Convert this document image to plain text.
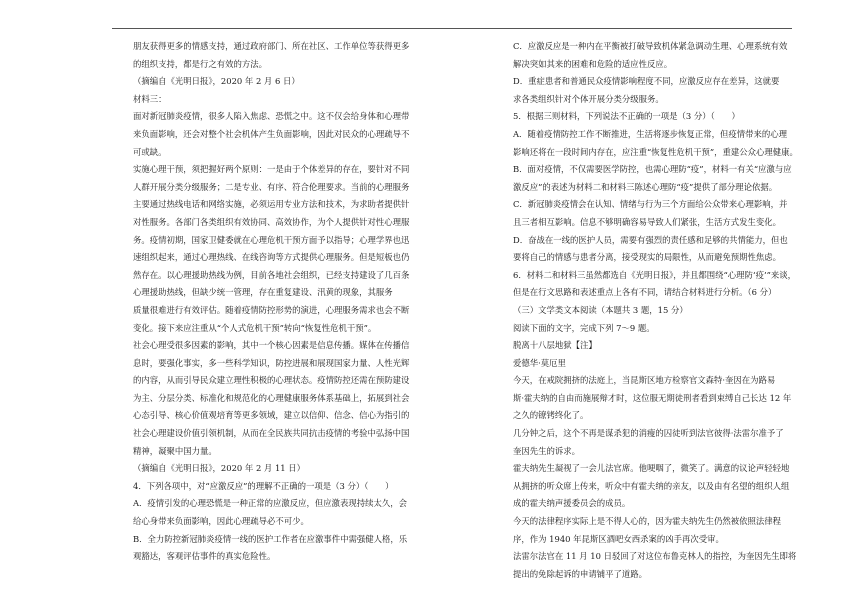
朋友获得更多的情感支持，通过政府部门、所在社区、工作单位等获得更多

的组织支持，都是行之有效的方法。

（摘编自《光明日报》，2020 年 2 月 6 日）

材料三：

面对新冠肺炎疫情，很多人陷入焦虑、恐慌之中。这不仅会给身体和心理带

来负面影响，还会对整个社会机体产生负面影响，因此对民众的心理疏导不

可或缺。

实施心理干预，须把握好两个原则：一是由于个体差异的存在，要针对不同

人群开展分类分级服务；二是专业、有序、符合伦理要求。当前的心理服务

主要通过热线电话和网络实施，必须运用专业方法和技术，为求助者提供针

对性服务。各部门各类组织有效协同、高效协作，为个人提供针对性心理服

务。疫情初期，国家卫健委就在心理危机干预方面予以指导；心理学界也迅

速组织起来，通过心理热线、在线咨询等方式提供心理服务。但是短板也仍

然存在。以心理援助热线为例，目前各地社会组织，已经支持建设了几百条

心理援助热线，但缺少统一管理，存在重复建设、汛黄的现象，其服务

质量很难进行有效评估。随着疫情防控形势的演进，心理服务需求也会不断

变化。接下来应注重从“个人式危机干预”转向“恢复性危机干预”。

社会心理受很多因素的影响，其中一个核心因素是信息传播。媒体在传播信

息时，要强化事实，多一些科学知识，防控进展和展现国家力量、人性光辉

的内容，从而引导民众建立理性积极的心理状态。疫情防控还需在预防建设

为主、分层分类、标准化和规范化的心理健康服务体系基础上，拓展到社会

心态引导、核心价值观培育等更多领域，建立以信仰、信念、信心为指引的

社会心理建设价值引领机制，从而在全民族共同抗击疫情的考验中弘扬中国

精神，凝聚中国力量。

（摘编自《光明日报》，2020 年 2 月 11 日）

4．下列各项中，对“应激反应”的理解不正确的一项是（3 分）（　　）

A．疫情引发的心理恐慌是一种正常的应激反应，但应激表现持续太久，会

给心身带来负面影响，因此心理疏导必不可少。

B．全力防控新冠肺炎疫情一线的医护工作者在应激事件中需强健人格，乐

观豁达，客观评估事件的真实危险性。

C．应激反应是一种内在平衡被打破导致机体紧急调动生理、心理系统有效

解决突如其来的困难和危险的适应性反应。

D．重症患者和普通民众疫情影响程度不同，应激反应存在差异，这就要

求各类组织针对个体开展分类分级服务。

5．根据三则材料，下列说法不正确的一项是（3 分）（　　）

A．随着疫情防控工作不断推进，生活将逐步恢复正常，但疫情带来的心理

影响还将在一段时间内存在，应注重“恢复性危机干预”，重建公众心理健康。

B．面对疫情，不仅需要医学防控，也需心理防“疫”，材料一有关“应激与应

激反应”的表述为材料二和材料三陈述心理防“疫”提供了部分理论依据。

C．新冠肺炎疫情会在认知、情绪与行为三个方面给公众带来心理影响，并

且三者相互影响。信息不够明确容易导致人们紧张，生活方式发生变化。

D．奋战在一线的医护人员，需要有强烈的责任感和足够的共情能力，但也

要将自己的情感与患者分离，接受现实的局限性，从而避免预期性焦虑。

6．材料二和材料三虽然都选自《光明日报》，并且都围绕“心理防‘疫’”来谈，

但是在行文思路和表述重点上各有不同，请结合材料进行分析。（6 分）

（三）文学类文本阅读（本题共 3 题，15 分）

阅读下面的文字，完成下列 7～9 题。

脱离十八层地狱【注】

爱德华·莫厄里

今天，在戒院拥挤的法庭上，当昆斯区地方检察官文森特·奎因在为路易

斯·霍夫纳的自由而施展辩才时，这位服无期徒刑者看到束缚自己长达 12 年

之久的镣铐终化了。

几分钟之后，这个不再是谋杀犯的消瘦的囚徒听到法官彼得·法雷尔准予了

奎因先生的诉求。

霍夫纳先生凝视了一会儿法官席。他哽咽了，微笑了。满意的议论声轻轻地

从拥挤的听众席上传来，听众中有霍夫纳的亲友，以及由有名望的组织人组

成的霍夫纳声援委员会的成员。

今天的法律程序实际上是不得人心的，因为霍夫纳先生仍然被依照法律程

序，作为 1940 年昆斯区酒吧女西杀案的凶手再次受审。

法雷尔法官在 11 月 10 日驳回了对这位布鲁克林人的指控，为奎因先生即将

提出的免除起诉的申请铺平了道路。
